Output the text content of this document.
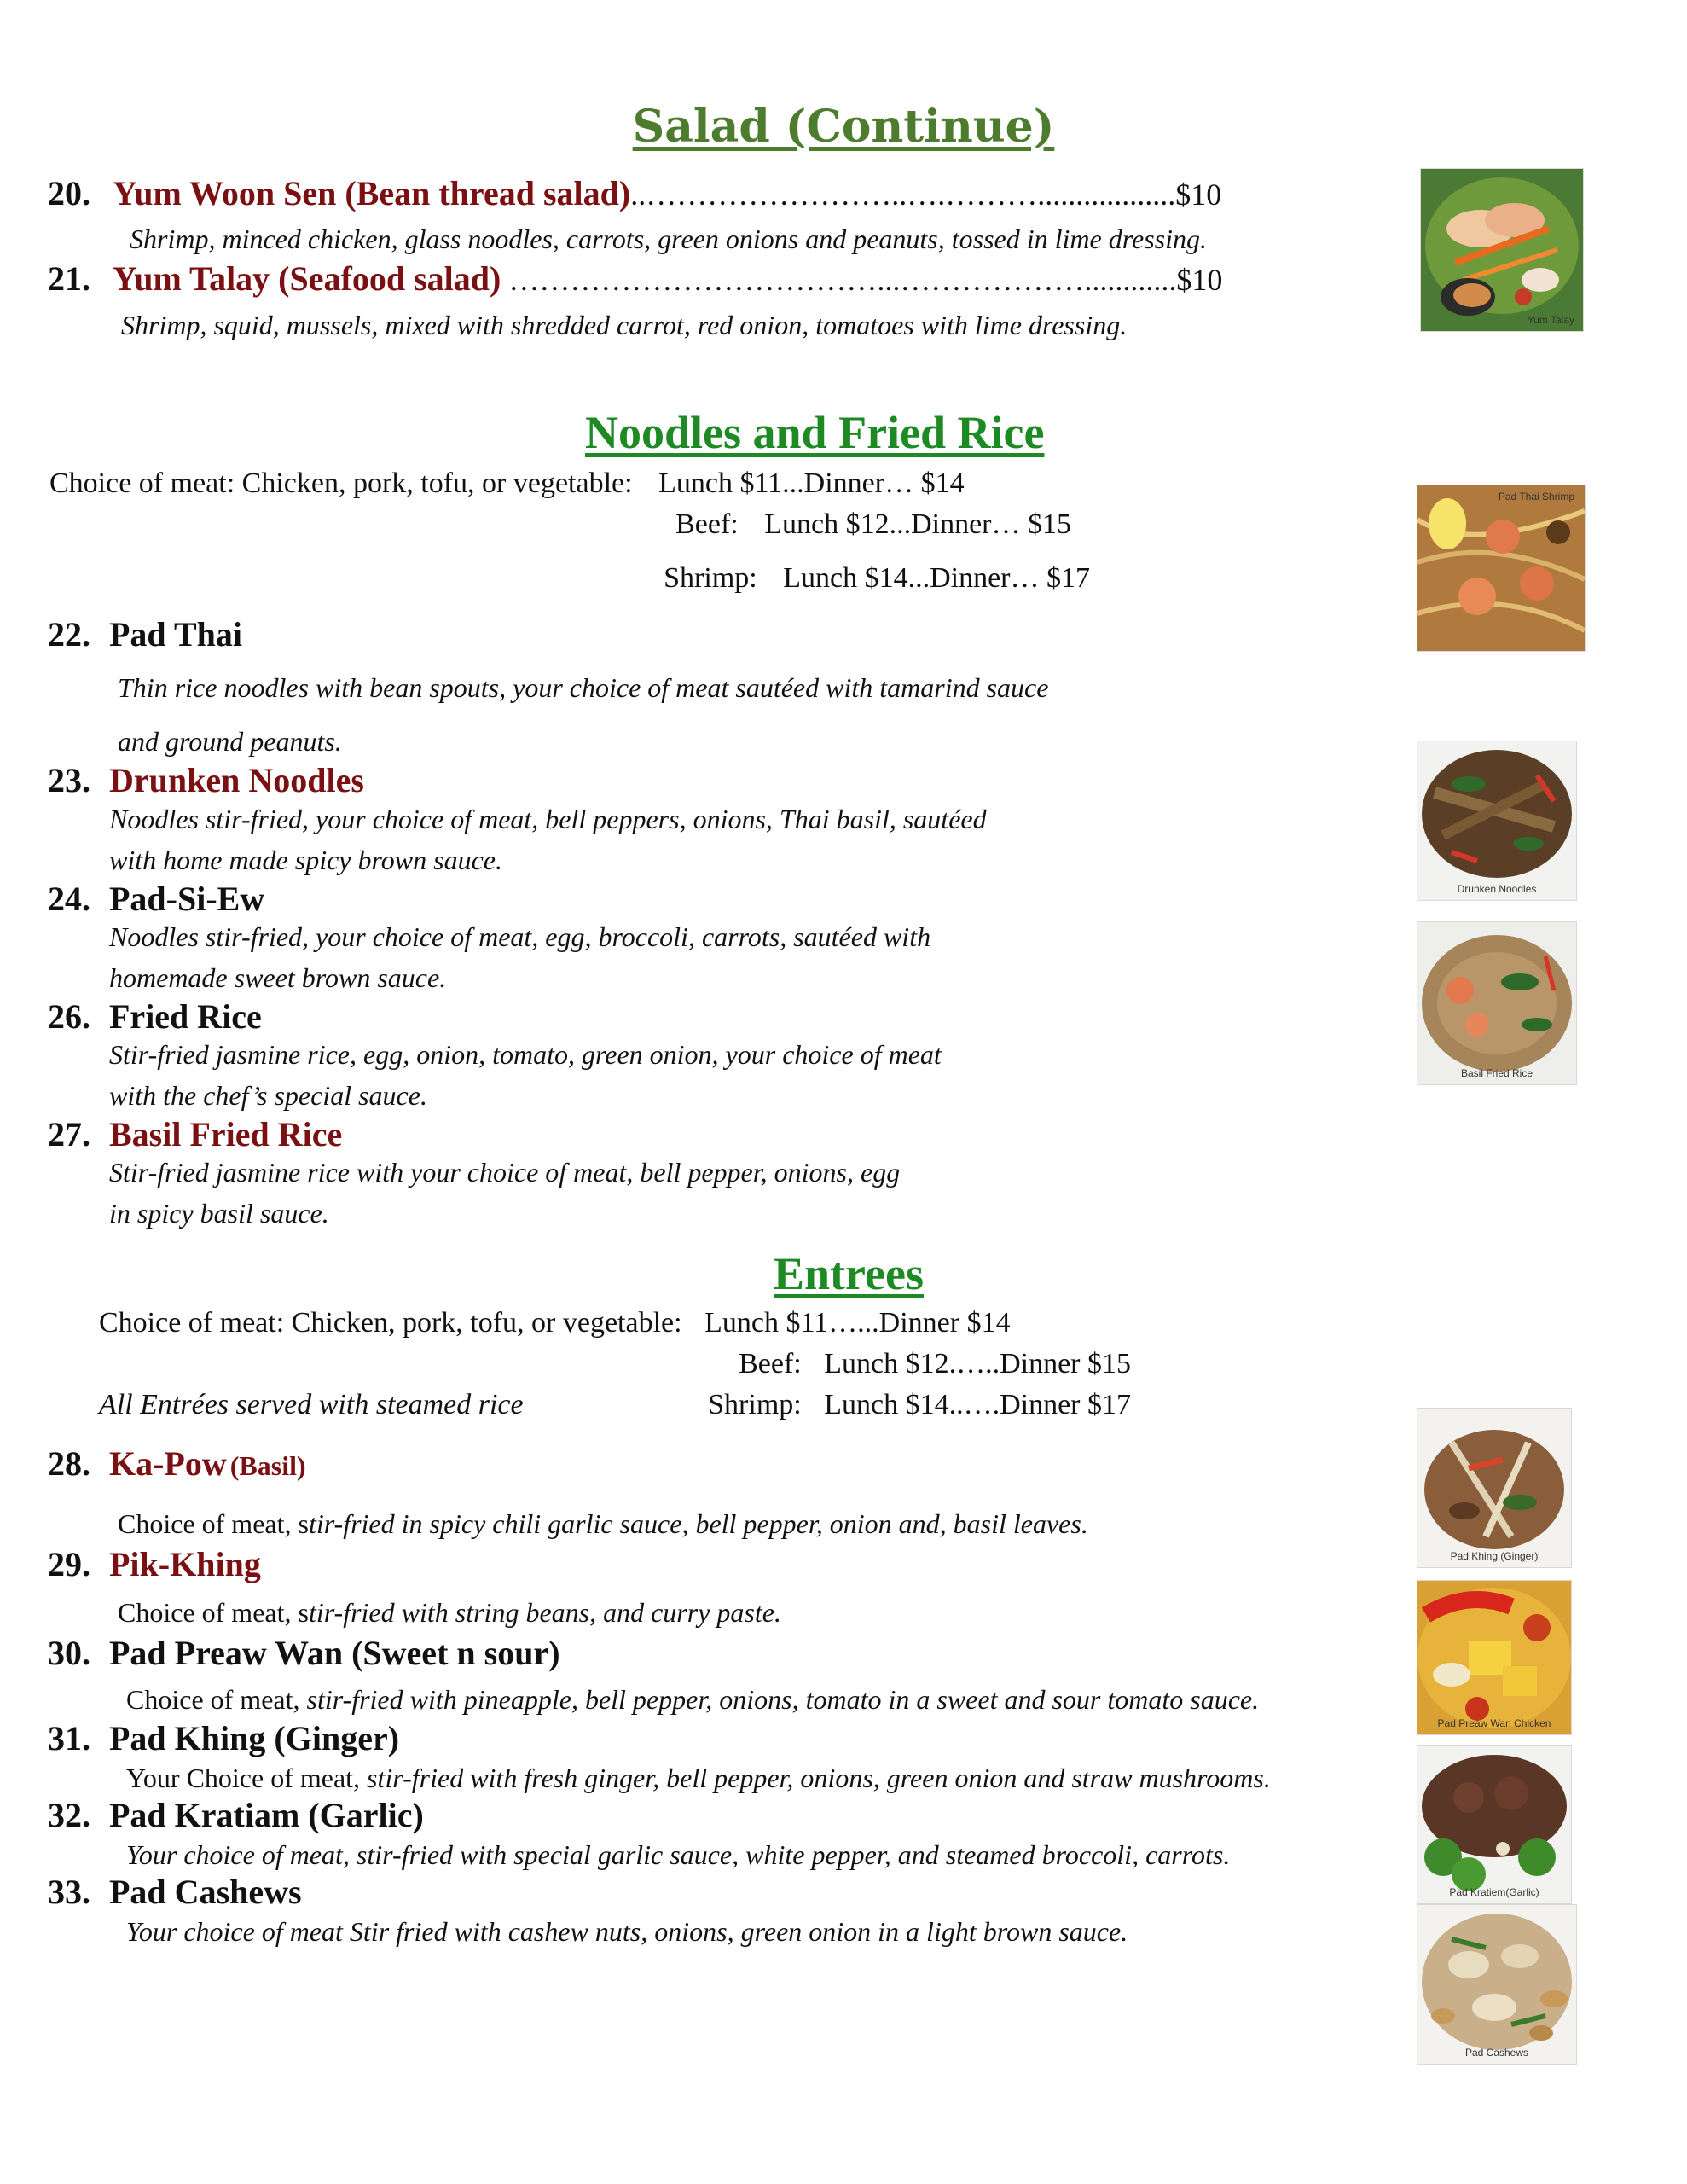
Salad (Continue)
20. Yum Woon Sen (Bean thread salad)..……………………..….………..................$10
Shrimp, minced chicken, glass noodles, carrots, green onions and peanuts, tossed in lime dressing.
21. Yum Talay (Seafood salad) ………………………………...………………............$10
Shrimp, squid, mussels, mixed with shredded carrot, red onion, tomatoes with lime dressing.
Noodles and Fried Rice
Choice of meat: Chicken, pork, tofu, or vegetable: Lunch $11...Dinner… $14
Beef: Lunch $12...Dinner… $15
Shrimp: Lunch $14...Dinner… $17
22. Pad Thai
Thin rice noodles with bean spouts, your choice of meat sautéed with tamarind sauce
and ground peanuts.
23. Drunken Noodles
Noodles stir-fried, your choice of meat, bell peppers, onions, Thai basil, sautéed
with home made spicy brown sauce.
24. Pad-Si-Ew
Noodles stir-fried, your choice of meat, egg, broccoli, carrots, sautéed with
homemade sweet brown sauce.
26. Fried Rice
Stir-fried jasmine rice, egg, onion, tomato, green onion, your choice of meat
with the chef’s special sauce.
27. Basil Fried Rice
Stir-fried jasmine rice with your choice of meat, bell pepper, onions, egg
in spicy basil sauce.
Entrees
Choice of meat: Chicken, pork, tofu, or vegetable: Lunch $11…...Dinner $14
Beef: Lunch $12.…..Dinner $15
All Entrées served with steamed rice	Shrimp: Lunch $14..….Dinner $17
28. Ka-Pow (Basil)
Choice of meat, stir-fried in spicy chili garlic sauce, bell pepper, onion and, basil leaves.
29. Pik-Khing
Choice of meat, stir-fried with string beans, and curry paste.
30. Pad Preaw Wan (Sweet n sour)
Choice of meat, stir-fried with pineapple, bell pepper, onions, tomato in a sweet and sour tomato sauce.
31. Pad Khing (Ginger)
Your Choice of meat, stir-fried with fresh ginger, bell pepper, onions, green onion and straw mushrooms.
32. Pad Kratiam (Garlic)
Your choice of meat, stir-fried with special garlic sauce, white pepper, and steamed broccoli, carrots.
33. Pad Cashews
Your choice of meat Stir fried with cashew nuts, onions, green onion in a light brown sauce.
Yum Talay
Pad Thai Shrimp
Drunken Noodles
Basil Fried Rice
Pad Khing (Ginger)
Pad Preaw Wan Chicken
Pad Kratiem(Garlic)
Pad Cashews
